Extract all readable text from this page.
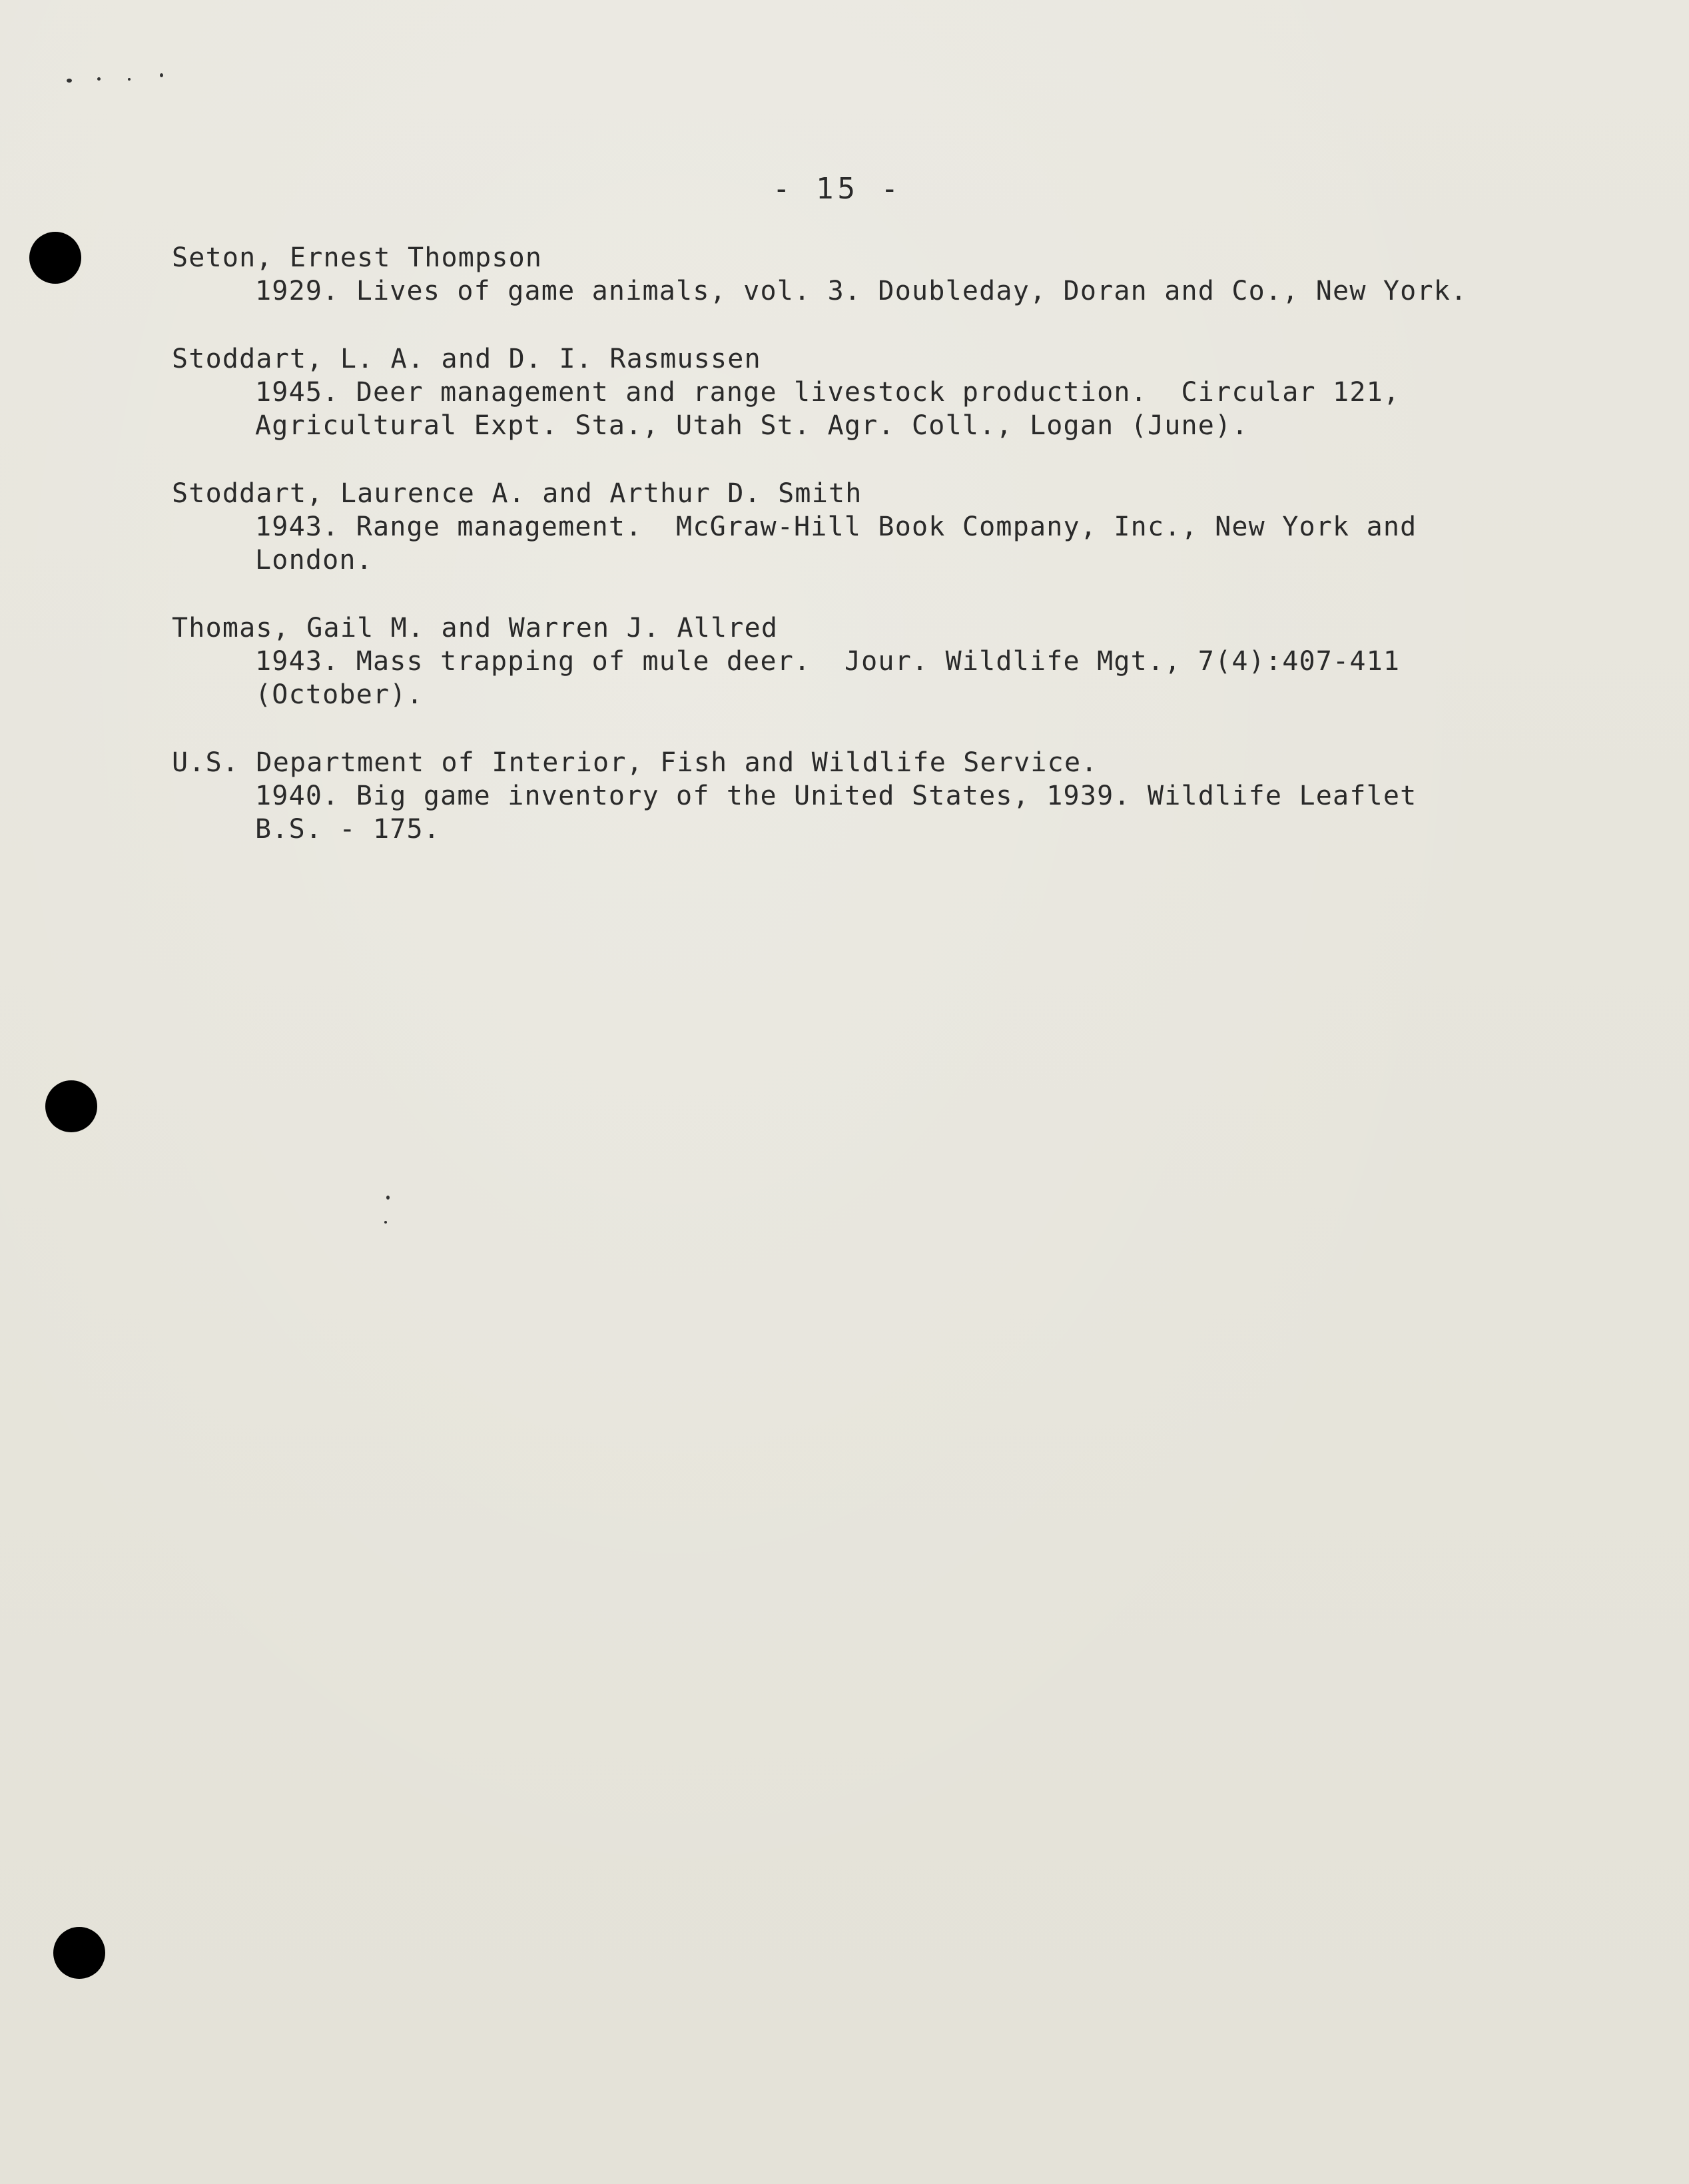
- 15 -
Seton, Ernest Thompson
1929. Lives of game animals, vol. 3. Doubleday, Doran and Co., New York.
Stoddart, L. A. and D. I. Rasmussen
1945. Deer management and range livestock production.  Circular 121,
Agricultural Expt. Sta., Utah St. Agr. Coll., Logan (June).
Stoddart, Laurence A. and Arthur D. Smith
1943. Range management.  McGraw-Hill Book Company, Inc., New York and
London.
Thomas, Gail M. and Warren J. Allred
1943. Mass trapping of mule deer.  Jour. Wildlife Mgt., 7(4):407-411
(October).
U.S. Department of Interior, Fish and Wildlife Service.
1940. Big game inventory of the United States, 1939. Wildlife Leaflet
B.S. - 175.
